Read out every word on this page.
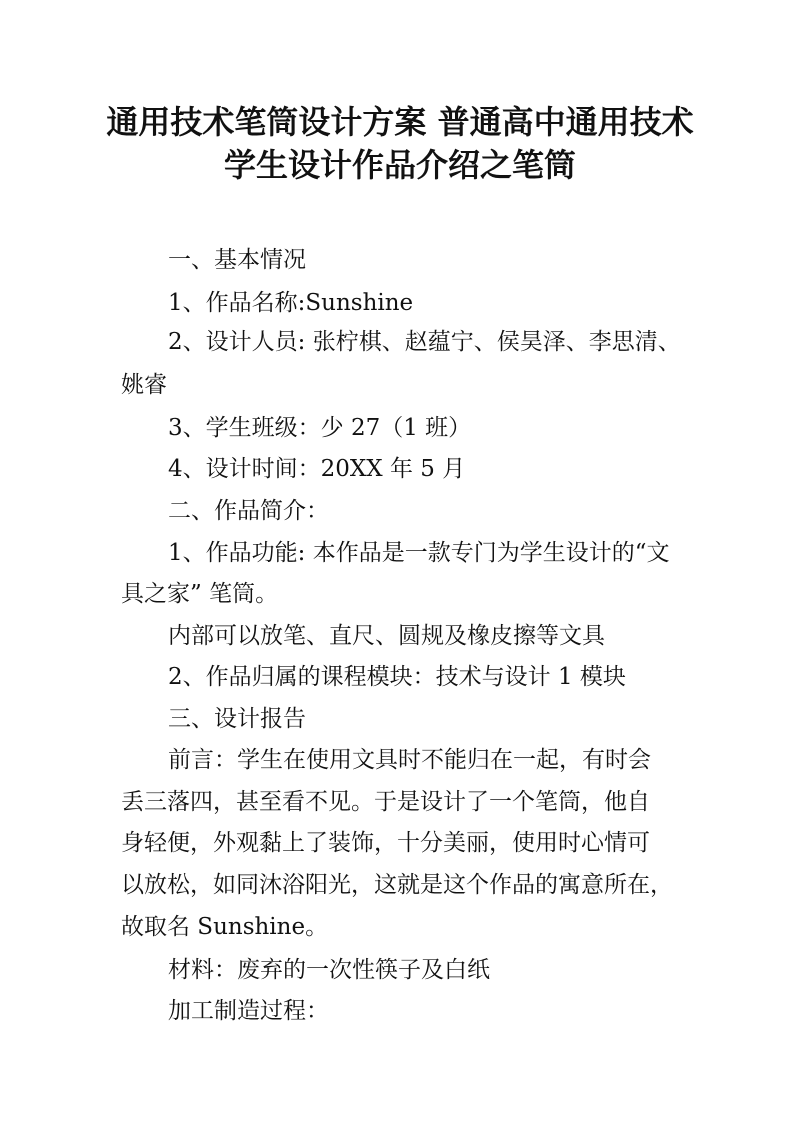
通用技术笔筒设计方案 普通高中通用技术
学生设计作品介绍之笔筒
一、基本情况
1、作品名称:Sunshine
2、设计人员: 张柠棋、赵蕴宁、侯昊泽、李思清、
姚睿
3、学生班级：少 27（1 班）
4、设计时间：20XX 年 5 月
二、作品简介：
1、作品功能: 本作品是一款专门为学生设计的“文
具之家” 笔筒。
内部可以放笔、直尺、圆规及橡皮擦等文具
2、作品归属的课程模块：技术与设计 1 模块
三、设计报告
前言：学生在使用文具时不能归在一起，有时会
丢三落四，甚至看不见。于是设计了一个笔筒，他自
身轻便，外观黏上了装饰，十分美丽，使用时心情可
以放松，如同沐浴阳光，这就是这个作品的寓意所在，
故取名 Sunshine。
材料：废弃的一次性筷子及白纸
加工制造过程：
